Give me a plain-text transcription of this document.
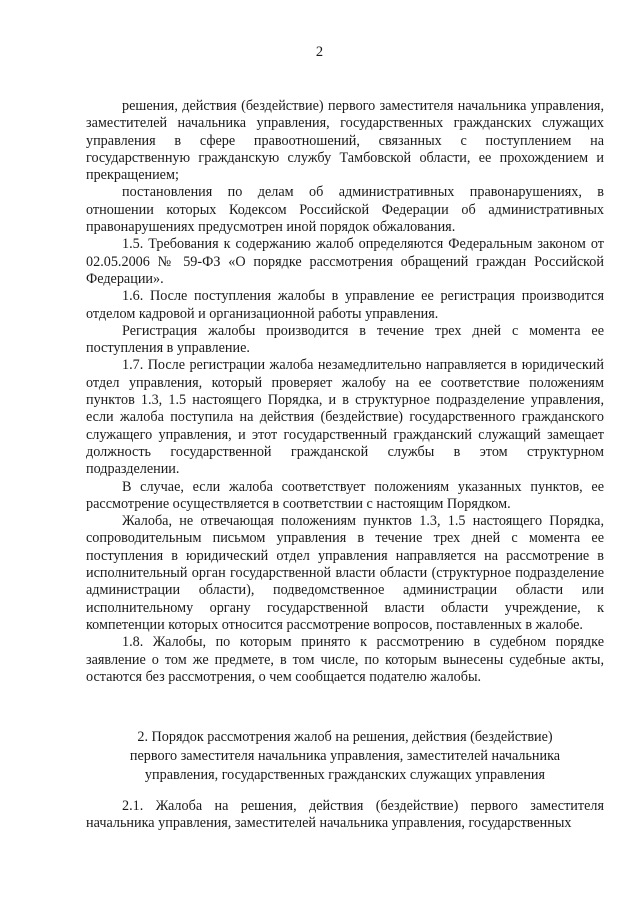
2

решения, действия (бездействие) первого заместителя начальника управления, заместителей начальника управления, государственных гражданских служащих управления в сфере правоотношений, связанных с поступлением на государственную гражданскую службу Тамбовской области, ее прохождением и прекращением;

постановления по делам об административных правонарушениях, в отношении которых Кодексом Российской Федерации об административных правонарушениях предусмотрен иной порядок обжалования.

1.5. Требования к содержанию жалоб определяются Федеральным законом от 02.05.2006 № 59-ФЗ «О порядке рассмотрения обращений граждан Российской Федерации».

1.6. После поступления жалобы в управление ее регистрация производится отделом кадровой и организационной работы управления.

Регистрация жалобы производится в течение трех дней с момента ее поступления в управление.

1.7. После регистрации жалоба незамедлительно направляется в юридический отдел управления, который проверяет жалобу на ее соответствие положениям пунктов 1.3, 1.5 настоящего Порядка, и в структурное подразделение управления, если жалоба поступила на действия (бездействие) государственного гражданского служащего управления, и этот государственный гражданский служащий замещает должность государственной гражданской службы в этом структурном подразделении.

В случае, если жалоба соответствует положениям указанных пунктов, ее рассмотрение осуществляется в соответствии с настоящим Порядком.

Жалоба, не отвечающая положениям пунктов 1.3, 1.5 настоящего Порядка, сопроводительным письмом управления в течение трех дней с момента ее поступления в юридический отдел управления направляется на рассмотрение в исполнительный орган государственной власти области (структурное подразделение администрации области), подведомственное администрации области или исполнительному органу государственной власти области учреждение, к компетенции которых относится рассмотрение вопросов, поставленных в жалобе.

1.8. Жалобы, по которым принято к рассмотрению в судебном порядке заявление о том же предмете, в том числе, по которым вынесены судебные акты, остаются без рассмотрения, о чем сообщается подателю жалобы.

2. Порядок рассмотрения жалоб на решения, действия (бездействие)
первого заместителя начальника управления, заместителей начальника
управления, государственных гражданских служащих управления

2.1. Жалоба на решения, действия (бездействие) первого заместителя начальника управления, заместителей начальника управления, государственных
